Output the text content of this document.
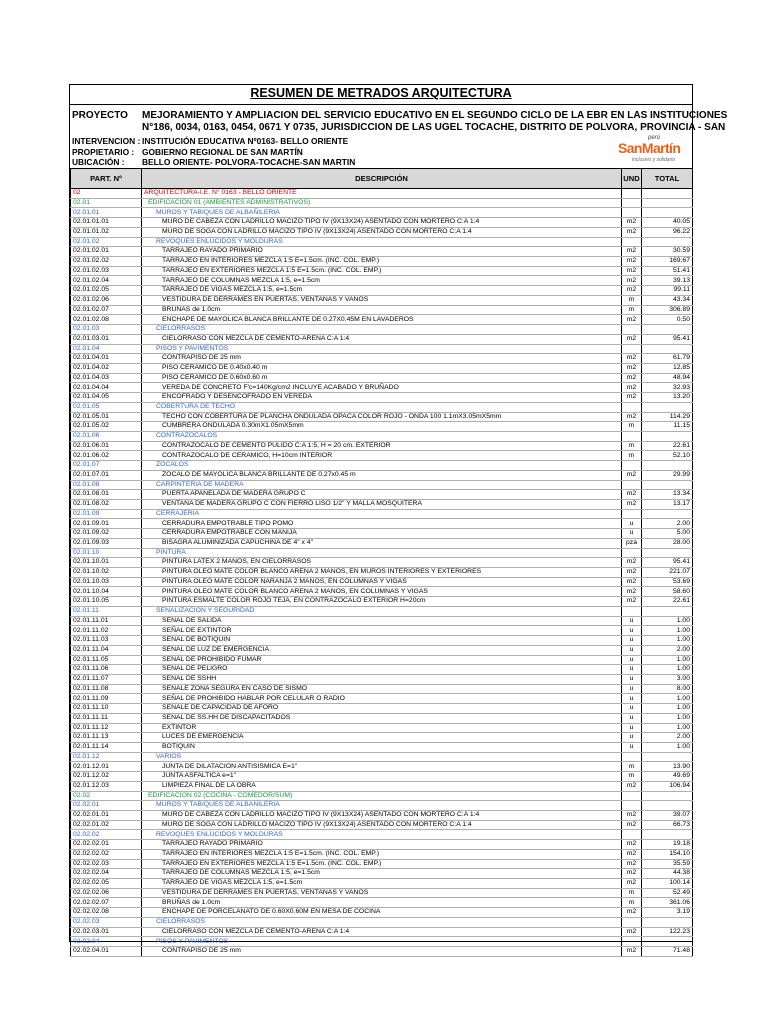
RESUMEN DE METRADOS ARQUITECTURA
PROYECTO MEJORAMIENTO Y AMPLIACION DEL SERVICIO EDUCATIVO EN EL SEGUNDO CICLO DE LA EBR EN LAS INSTITUCIONES
N°186, 0034, 0163, 0454, 0671 Y 0735, JURISDICCION DE LAS UGEL TOCACHE, DISTRITO DE POLVORA, PROVINCIA - SAN
INTERVENCION : INSTITUCIÓN EDUCATIVA Nº0163- BELLO ORIENTE
PROPIETARIO : GOBIERNO REGIONAL DE SAN MARTÍN
UBICACIÓN : BELLO ORIENTE- POLVORA-TOCACHE-SAN MARTIN
perú
SanMartín
inclusivo y solidario
PART. Nº	DESCRIPCIÓN	UND	TOTAL
02	ARQUITECTURA-I.E. N° 0163 - BELLO ORIENTE		
02.01	EDIFICACION 01 (AMBIENTES ADMINISTRATIVOS)		
02.01.01	MUROS Y TABIQUES DE ALBAÑILERIA		
02.01.01.01	MURO DE CABEZA CON LADRILLO MACIZO TIPO IV (9X13X24) ASENTADO CON MORTERO C:A 1:4	m2	40.05
02.01.01.02	MURO DE SOGA CON LADRILLO MACIZO TIPO IV (9X13X24) ASENTADO CON MORTERO C:A 1:4	m2	96.22
02.01.02	REVOQUES ENLUCIDOS Y MOLDURAS		
02.01.02.01	TARRAJEO RAYADO PRIMARIO	m2	30.59
02.01.02.02	TARRAJEO EN INTERIORES MEZCLA 1:5 E=1.5cm. (INC. COL. EMP.)	m2	169.67
02.01.02.03	TARRAJEO EN EXTERIORES MEZCLA 1:5 E=1.5cm. (INC. COL. EMP.)	m2	51.41
02.01.02.04	TARRAJEO DE COLUMNAS MEZCLA 1:5, e=1.5cm	m2	39.13
02.01.02.05	TARRAJEO DE VIGAS MEZCLA 1:5, e=1.5cm	m2	99.11
02.01.02.06	VESTIDURA DE DERRAMES EN PUERTAS, VENTANAS Y VANOS	m	43.34
02.01.02.07	BRUÑAS de 1.0cm	m	306.89
02.01.02.08	ENCHAPE DE MAYOLICA BLANCA BRILLANTE DE 0.27X0.45M EN LAVADEROS	m2	0.50
02.01.03	CIELORRASOS		
02.01.03.01	CIELORRASO CON MEZCLA DE CEMENTO-ARENA C:A 1:4	m2	95.41
02.01.04	PISOS Y PAVIMENTOS		
02.01.04.01	CONTRAPISO DE 25 mm	m2	61.79
02.01.04.02	PISO CERAMICO DE 0.40x0.40 m	m2	12.85
02.01.04.03	PISO CERAMICO DE 0.60x0.60 m	m2	48.94
02.01.04.04	VEREDA DE CONCRETO F'c=140Kg/cm2 INCLUYE ACABADO Y BRUÑADO	m2	32.93
02.01.04.05	ENCOFRADO Y DESENCOFRADO EN VEREDA	m2	13.20
02.01.05	COBERTURA DE TECHO		
02.01.05.01	TECHO CON COBERTURA DE PLANCHA ONDULADA OPACA COLOR ROJO - ONDA 100 1.1mX3.05mX5mm	m2	114.29
02.01.05.02	CUMBRERA ONDULADA 0.30mX1.05mX5mm	m	11.15
02.01.06	CONTRAZOCALOS		
02.01.06.01	CONTRAZOCALO DE CEMENTO PULIDO C:A 1:5, H = 20 cm. EXTERIOR	m	22.61
02.01.06.02	CONTRAZOCALO DE CERAMICO, H=10cm INTERIOR	m	52.10
02.01.07	ZOCALOS		
02.01.07.01	ZOCALO DE MAYOLICA BLANCA BRILLANTE DE 0.27x0.45 m	m2	29.99
02.01.08	CARPINTERIA DE MADERA		
02.01.08.01	PUERTA APANELADA DE MADERA GRUPO C	m2	13.34
02.01.08.02	VENTANA DE MADERA GRUPO C CON FIERRO LISO 1/2" Y MALLA MOSQUITERA	m2	13.17
02.01.09	CERRAJERIA		
02.01.09.01	CERRADURA EMPOTRABLE TIPO POMO	u	2.00
02.01.09.02	CERRADURA EMPOTRABLE CON MANIJA	u	5.00
02.01.09.03	BISAGRA ALUMINIZADA CAPUCHINA DE 4" x 4"	pza	28.00
02.01.10	PINTURA		
02.01.10.01	PINTURA LATEX 2 MANOS, EN CIELORRASOS	m2	95.41
02.01.10.02	PINTURA OLEO MATE COLOR BLANCO ARENA 2 MANOS, EN MUROS INTERIORES Y EXTERIORES	m2	221.07
02.01.10.03	PINTURA OLEO MATE COLOR NARANJA 2 MANOS, EN COLUMNAS Y VIGAS	m2	53.69
02.01.10.04	PINTURA OLEO MATE COLOR BLANCO ARENA 2 MANOS, EN COLUMNAS Y VIGAS	m2	58.60
02.01.10.05	PINTURA ESMALTE COLOR ROJO TEJA, EN CONTRAZOCALO EXTERIOR H=20cm	m2	22.61
02.01.11	SEÑALIZACION Y SEGURIDAD		
02.01.11.01	SEÑAL DE SALIDA	u	1.00
02.01.11.02	SEÑAL DE EXTINTOR	u	1.00
02.01.11.03	SEÑAL DE BOTIQUIN	u	1.00
02.01.11.04	SEÑAL DE LUZ DE EMERGENCIA	u	2.00
02.01.11.05	SEÑAL DE PROHIBIDO FUMAR	u	1.00
02.01.11.06	SEÑAL DE PELIGRO	u	1.00
02.01.11.07	SEÑAL DE SSHH	u	3.00
02.01.11.08	SEÑALE ZONA SEGURA EN CASO DE SISMO	u	8.00
02.01.11.09	SEÑAL DE PROHIBIDO HABLAR POR CELULAR O RADIO	u	1.00
02.01.11.10	SEÑALE DE CAPACIDAD DE AFORO	u	1.00
02.01.11.11	SEÑAL DE SS.HH DE DISCAPACITADOS	u	1.00
02.01.11.12	EXTINTOR	u	1.00
02.01.11.13	LUCES DE EMERGENCIA	u	2.00
02.01.11.14	BOTIQUIN	u	1.00
02.01.12	VARIOS		
02.01.12.01	JUNTA DE DILATACION ANTISISMICA E=1"	m	13.90
02.01.12.02	JUNTA ASFALTICA e=1"	m	49.69
02.01.12.03	LIMPIEZA FINAL DE LA OBRA	m2	106.94
02.02	EDIFICACION 02 (COCINA - COMEDOR/SUM)		
02.02.01	MUROS Y TABIQUES DE ALBAÑILERIA		
02.02.01.01	MURO DE CABEZA CON LADRILLO MACIZO TIPO IV (9X13X24) ASENTADO CON MORTERO C:A 1:4	m2	39.07
02.02.01.02	MURO DE SOGA CON LADRILLO MACIZO TIPO IV (9X13X24) ASENTADO CON MORTERO C:A 1:4	m2	66.73
02.02.02	REVOQUES ENLUCIDOS Y MOLDURAS		
02.02.02.01	TARRAJEO RAYADO PRIMARIO	m2	19.18
02.02.02.02	TARRAJEO EN INTERIORES MEZCLA 1:5 E=1.5cm. (INC. COL. EMP.)	m2	154.10
02.02.02.03	TARRAJEO EN EXTERIORES MEZCLA 1:5 E=1.5cm. (INC. COL. EMP.)	m2	35.59
02.02.02.04	TARRAJEO DE COLUMNAS MEZCLA 1:5, e=1.5cm	m2	44.38
02.02.02.05	TARRAJEO DE VIGAS MEZCLA 1:5, e=1.5cm	m2	100.14
02.02.02.06	VESTIDURA DE DERRAMES EN PUERTAS, VENTANAS Y VANOS	m	52.49
02.02.02.07	BRUÑAS de 1.0cm	m	361.06
02.02.02.08	ENCHAPE DE PORCELANATO DE 0.60X0.60M EN MESA DE COCINA	m2	3.19
02.02.03	CIELORRASOS		
02.02.03.01	CIELORRASO CON MEZCLA DE CEMENTO-ARENA C:A 1:4	m2	122.23
02.02.04	PISOS Y PAVIMENTOS		
02.02.04.01	CONTRAPISO DE 25 mm	m2	71.48
